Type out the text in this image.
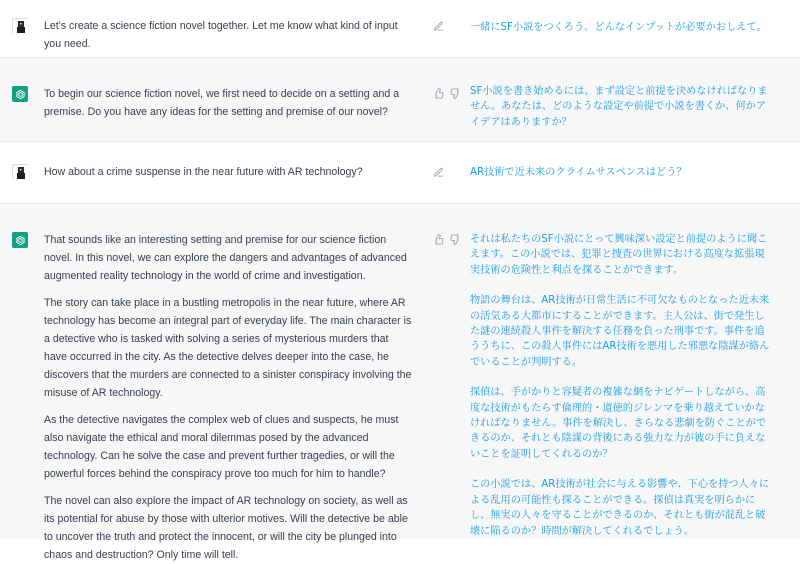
Let's create a science fiction novel together. Let me know what kind of input you need.

一緒にSF小説をつくろう。どんなインプットが必要かおしえて。

To begin our science fiction novel, we first need to decide on a setting and a premise. Do you have any ideas for the setting and premise of our novel?

SF小説を書き始めるには、まず設定と前提を決めなければなりません。あなたは、どのような設定や前提で小説を書くか、何かアイデアはありますか？

How about a crime suspense in the near future with AR technology?	AR技術で近未来のクライムサスペンスはどう？

That sounds like an interesting setting and premise for our science fiction novel. In this novel, we can explore the dangers and advantages of advanced augmented reality technology in the world of crime and investigation.

The story can take place in a bustling metropolis in the near future, where AR technology has become an integral part of everyday life. The main character is a detective who is tasked with solving a series of mysterious murders that have occurred in the city. As the detective delves deeper into the case, he discovers that the murders are connected to a sinister conspiracy involving the misuse of AR technology.

As the detective navigates the complex web of clues and suspects, he must also navigate the ethical and moral dilemmas posed by the advanced technology. Can he solve the case and prevent further tragedies, or will the powerful forces behind the conspiracy prove too much for him to handle?

The novel can also explore the impact of AR technology on society, as well as its potential for abuse by those with ulterior motives. Will the detective be able to uncover the truth and protect the innocent, or will the city be plunged into chaos and destruction? Only time will tell.

それは私たちのSF小説にとって興味深い設定と前提のように聞こえます。この小説では、犯罪と捜査の世界における高度な拡張現実技術の危険性と利点を探ることができます。

物語の舞台は、AR技術が日常生活に不可欠なものとなった近未来の活気ある大都市にすることができます。主人公は、街で発生した謎の連続殺人事件を解決する任務を負った刑事です。事件を追ううちに、この殺人事件にはAR技術を悪用した邪悪な陰謀が絡んでいることが判明する。

探偵は、手がかりと容疑者の複雑な網をナビゲートしながら、高度な技術がもたらす倫理的・道徳的ジレンマを乗り越えていかなければなりません。事件を解決し、さらなる悲劇を防ぐことができるのか、それとも陰謀の背後にある強力な力が彼の手に負えないことを証明してくれるのか？

この小説では、AR技術が社会に与える影響や、下心を持つ人々による乱用の可能性も探ることができる。探偵は真実を明らかにし、無実の人々を守ることができるのか、それとも街が混乱と破壊に陥るのか？時間が解決してくれるでしょう。
